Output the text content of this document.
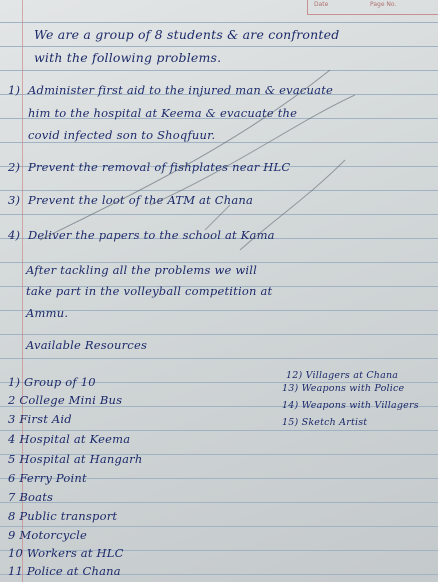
Date	Page No.
We are a group of 8 students & are confronted
with the following problems.
1) Administer first aid to the injured man & evacuate
him to the hospital at Keema & evacuate the
covid infected son to Shoqfuur.
2) Prevent the removal of fishplates near HLC
3) Prevent the loot of the ATM at Chana
4) Deliver the papers to the school at Kama
After tackling all the problems we will
take part in the volleyball competition at
Ammu.
Available Resources
1) Group of 10
2 College Mini Bus
3 First Aid
4 Hospital at Keema
5 Hospital at Hangarh
6 Ferry Point
7 Boats
8 Public transport
9 Motorcycle
10 Workers at HLC
11 Police at Chana
12) Villagers at Chana
13) Weapons with Police
14) Weapons with Villagers
15) Sketch Artist
